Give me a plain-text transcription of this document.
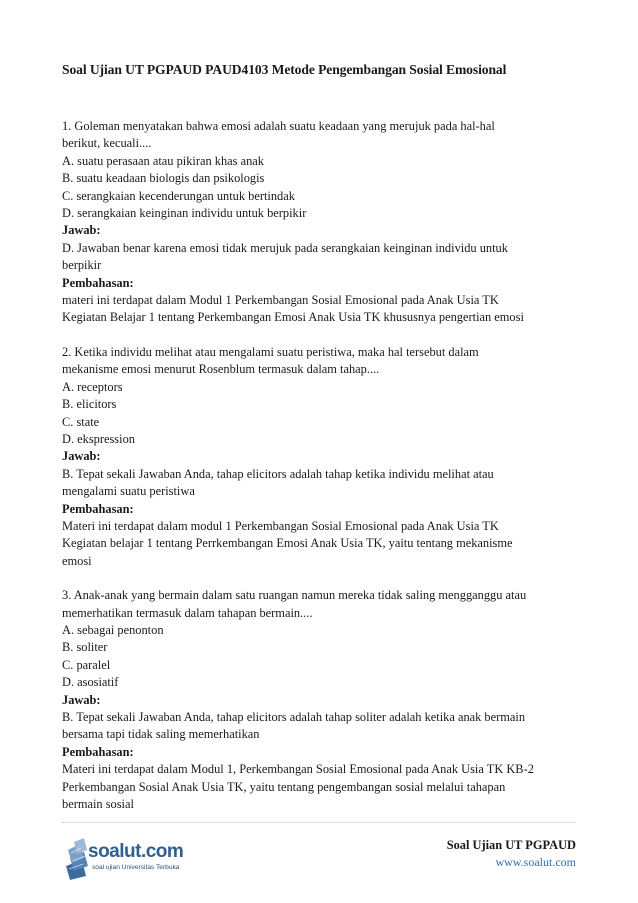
Soal Ujian UT PGPAUD PAUD4103 Metode Pengembangan Sosial Emosional
1. Goleman menyatakan bahwa emosi adalah suatu keadaan yang merujuk pada hal-hal
berikut, kecuali....
A. suatu perasaan atau pikiran khas anak
B. suatu keadaan biologis dan psikologis
C. serangkaian kecenderungan untuk bertindak
D. serangkaian keinginan individu untuk berpikir
Jawab:
D. Jawaban benar karena emosi tidak merujuk pada serangkaian keinginan individu untuk
berpikir
Pembahasan:
materi ini terdapat dalam Modul 1 Perkembangan Sosial Emosional pada Anak Usia TK
Kegiatan Belajar 1 tentang Perkembangan Emosi Anak Usia TK khususnya pengertian emosi
2. Ketika individu melihat atau mengalami suatu peristiwa, maka hal tersebut dalam
mekanisme emosi menurut Rosenblum termasuk dalam tahap....
A. receptors
B. elicitors
C. state
D. ekspression
Jawab:
B. Tepat sekali Jawaban Anda, tahap elicitors adalah tahap ketika individu melihat atau
mengalami suatu peristiwa
Pembahasan:
Materi ini terdapat dalam modul 1 Perkembangan Sosial Emosional pada Anak Usia TK
Kegiatan belajar 1 tentang Perrkembangan Emosi Anak Usia TK, yaitu tentang mekanisme
emosi
3. Anak-anak yang bermain dalam satu ruangan namun mereka tidak saling mengganggu atau
memerhatikan termasuk dalam tahapan bermain....
A. sebagai penonton
B. soliter
C. paralel
D. asosiatif
Jawab:
B. Tepat sekali Jawaban Anda, tahap elicitors adalah tahap soliter adalah ketika anak bermain
bersama tapi tidak saling memerhatikan
Pembahasan:
Materi ini terdapat dalam Modul 1, Perkembangan Sosial Emosional pada Anak Usia TK KB-2
Perkembangan Sosial Anak Usia TK, yaitu tentang pengembangan sosial melalui tahapan
bermain sosial
soalut.com
soal ujian Universitas Terbuka
Soal Ujian UT PGPAUD
www.soalut.com
